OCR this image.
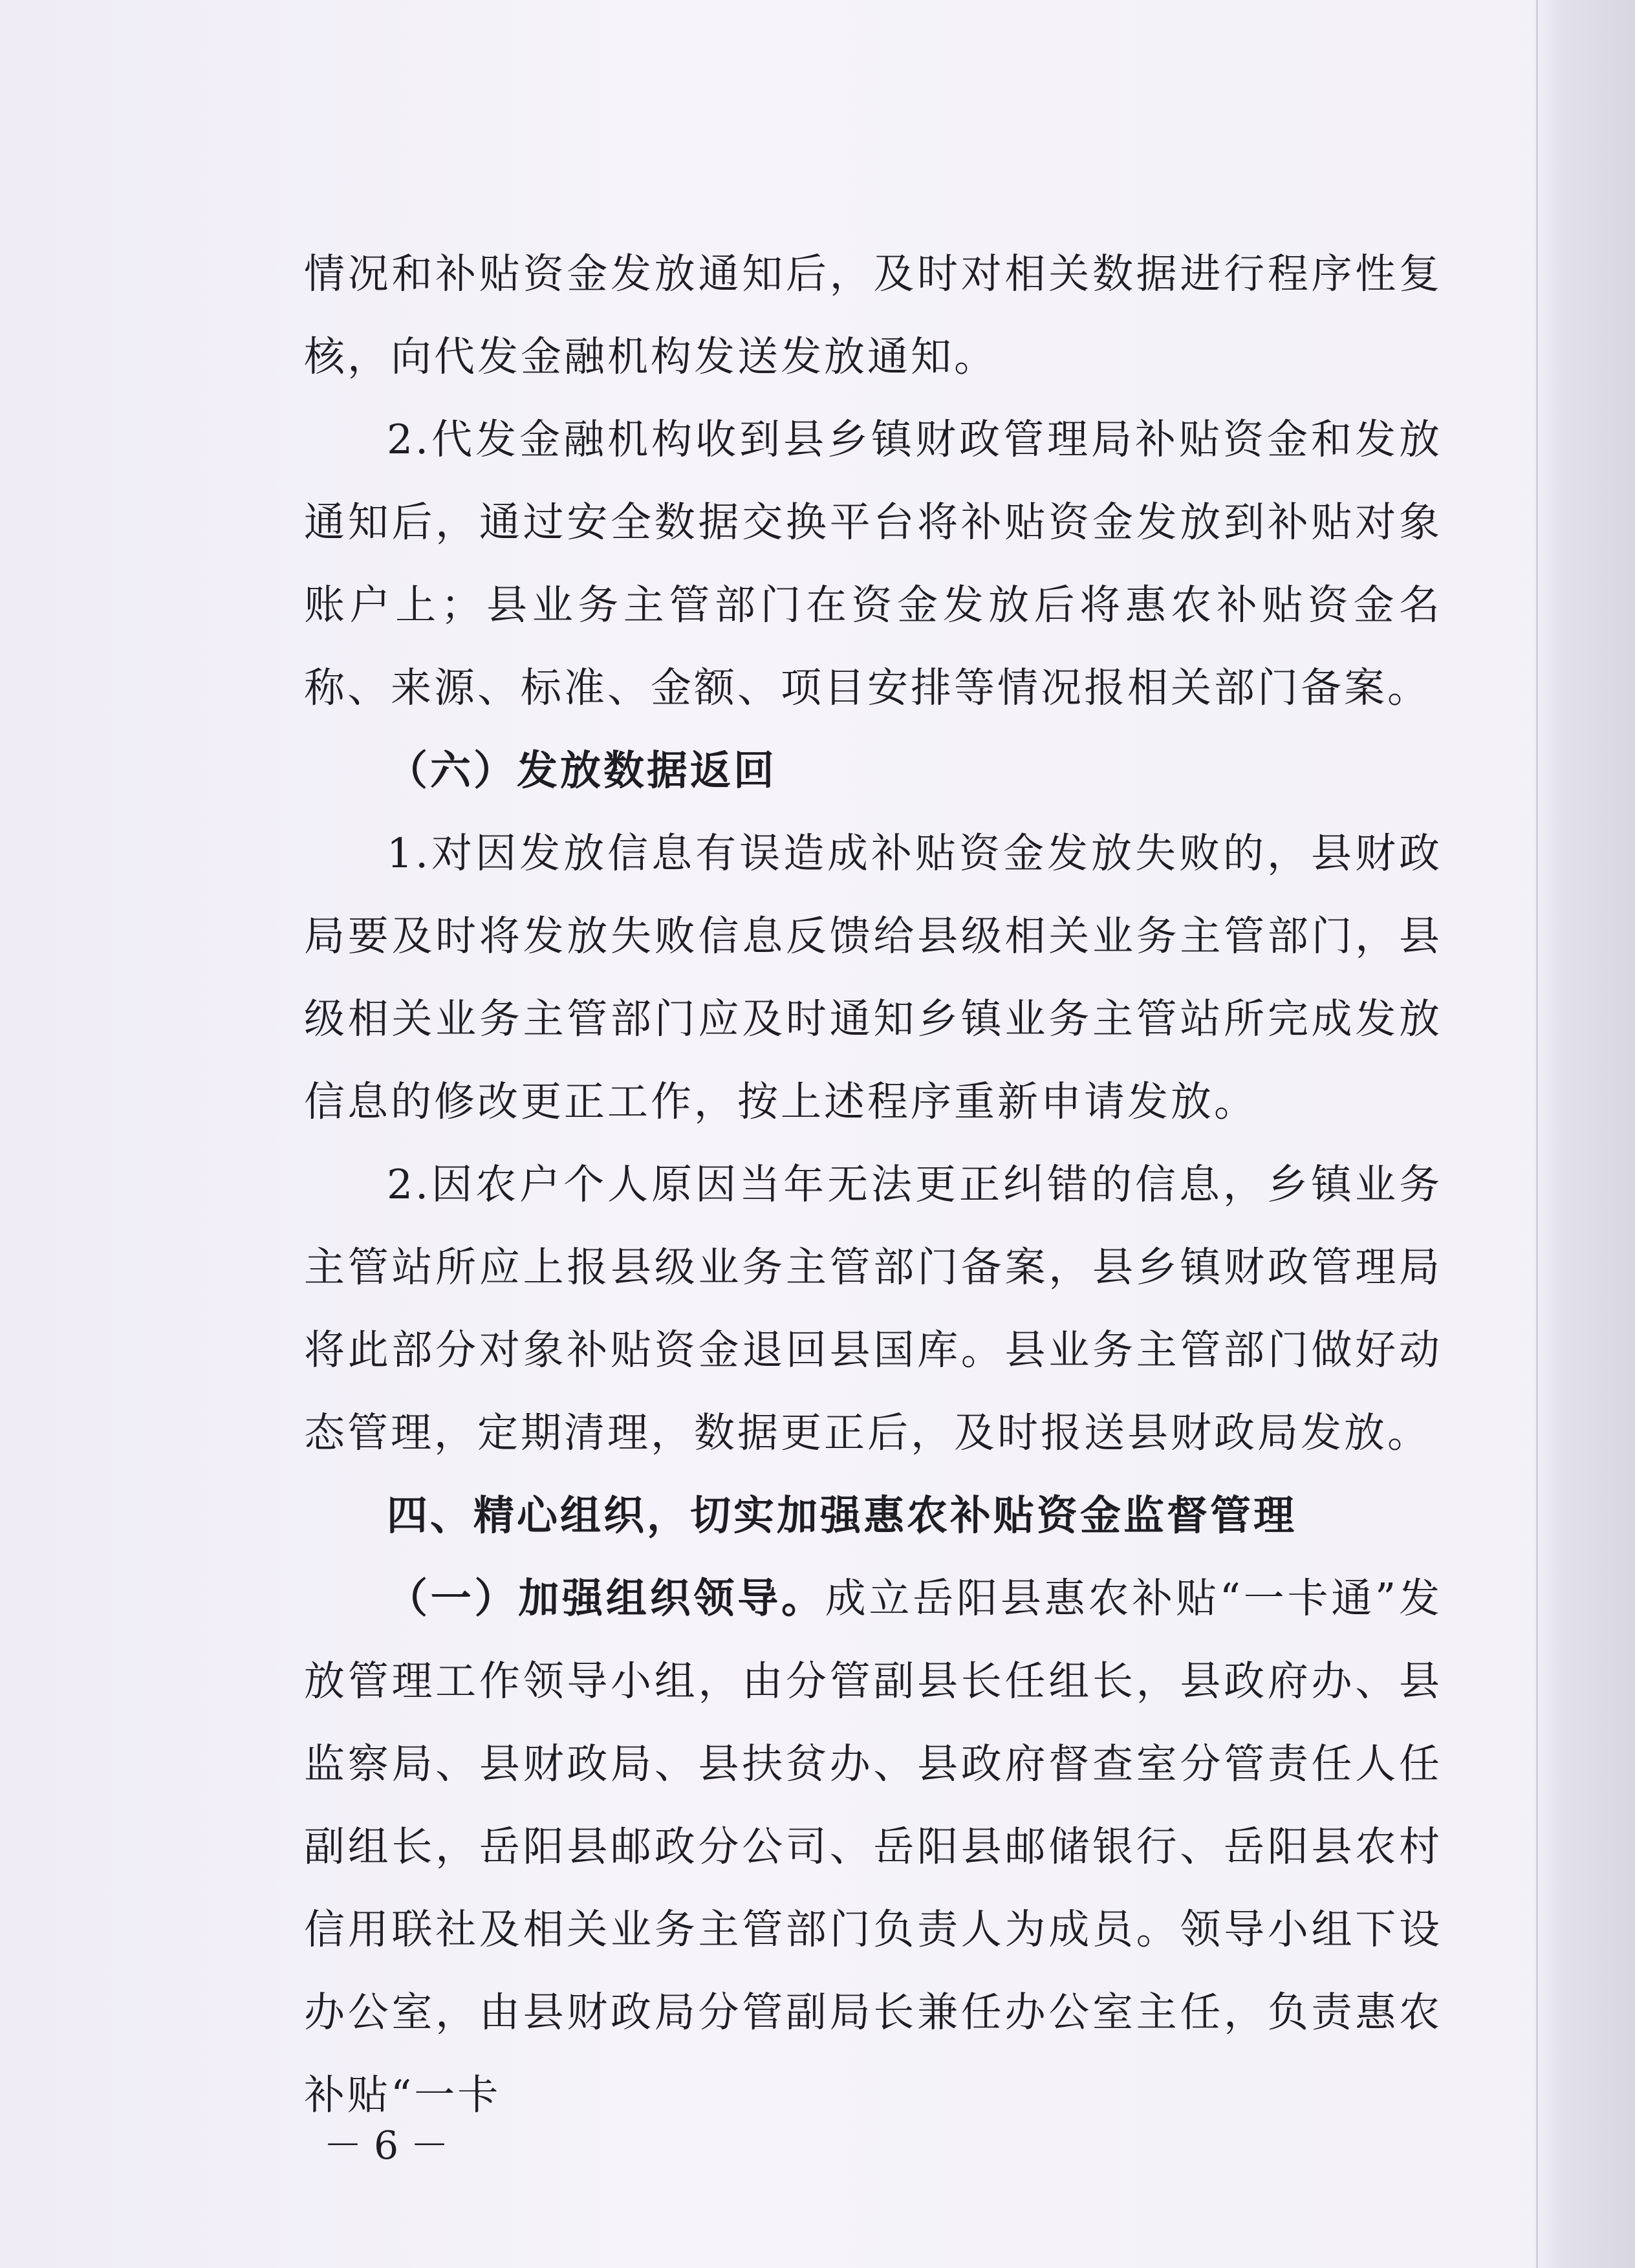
情况和补贴资金发放通知后，及时对相关数据进行程序性复核，向代发金融机构发送发放通知。

2.代发金融机构收到县乡镇财政管理局补贴资金和发放通知后，通过安全数据交换平台将补贴资金发放到补贴对象账户上；县业务主管部门在资金发放后将惠农补贴资金名称、来源、标准、金额、项目安排等情况报相关部门备案。

（六）发放数据返回

1.对因发放信息有误造成补贴资金发放失败的，县财政局要及时将发放失败信息反馈给县级相关业务主管部门，县级相关业务主管部门应及时通知乡镇业务主管站所完成发放信息的修改更正工作，按上述程序重新申请发放。

2.因农户个人原因当年无法更正纠错的信息，乡镇业务主管站所应上报县级业务主管部门备案，县乡镇财政管理局将此部分对象补贴资金退回县国库。县业务主管部门做好动态管理，定期清理，数据更正后，及时报送县财政局发放。

四、精心组织，切实加强惠农补贴资金监督管理

（一）加强组织领导。成立岳阳县惠农补贴“一卡通”发放管理工作领导小组，由分管副县长任组长，县政府办、县监察局、县财政局、县扶贫办、县政府督查室分管责任人任副组长，岳阳县邮政分公司、岳阳县邮储银行、岳阳县农村信用联社及相关业务主管部门负责人为成员。领导小组下设办公室，由县财政局分管副局长兼任办公室主任，负责惠农补贴“一卡

－6－
